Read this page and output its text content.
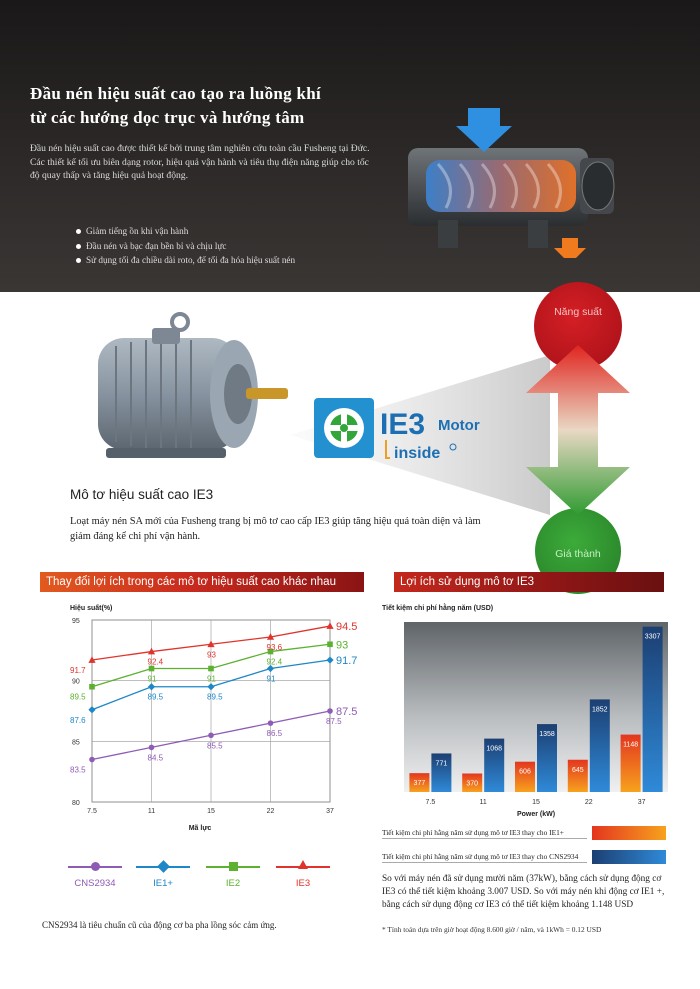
Đầu nén hiệu suất cao tạo ra luồng khí
từ các hướng dọc trục và hướng tâm

Đầu nén hiệu suất cao được thiết kế bởi trung tâm nghiên cứu toàn cầu Fusheng tại Đức. Các thiết kế tối ưu biên dạng rotor, hiệu quả vận hành và tiêu thụ điện năng giúp cho tốc độ quay thấp và tăng hiệu quả hoạt động.

Giảm tiếng ồn khi vận hành
Đầu nén và bạc đạn bền bỉ và chịu lực
Sử dụng tối đa chiều dài roto, để tối đa hóa hiệu suất nén
Năng suất
Giá thành
IE3 Motor
inside
Mô tơ hiệu suất cao IE3

Loạt máy nén SA mới của Fusheng trang bị mô tơ cao cấp IE3 giúp tăng hiệu quả toàn diện và làm giảm đáng kể chi phí vận hành.

Thay đổi lợi ích trong các mô tơ hiệu suất cao khác nhau	Lợi ích sử dụng mô tơ IE3
Hiệu suất(%)
7.5	11	15	22	37
80
85
90
95
83.5
84.5
85.5
86.5
87.5
87.5
87.6
89.5	89.5
91
91.7
89.5
91	91
92.4
93
91.7
92.4
93
93.6
94.5
Mã lực
CNS2934	IE1+	IE2	IE3
CNS2934 là tiêu chuẩn cũ của động cơ ba pha lồng sóc cảm ứng.
Tiết kiệm chi phí hằng năm (USD)
377
771
370
1068
606
1358
645
1852
1148
3307
7.5	11	15	22	37
Power (kW)
Tiết kiệm chi phí hằng năm sử dụng mô tơ IE3 thay cho IE1+
Tiết kiệm chi phí hằng năm sử dụng mô tơ IE3 thay cho CNS2934

So với máy nén đã sử dụng mười năm (37kW), bằng cách sử dụng động cơ IE3 có thể tiết kiệm khoảng 3.007 USD. So với máy nén khi động cơ IE1 +, bằng cách sử dụng động cơ IE3 có thể tiết kiệm khoảng 1.148 USD

* Tính toán dựa trên giờ hoạt động 8.600 giờ / năm, và 1kWh = 0.12 USD
